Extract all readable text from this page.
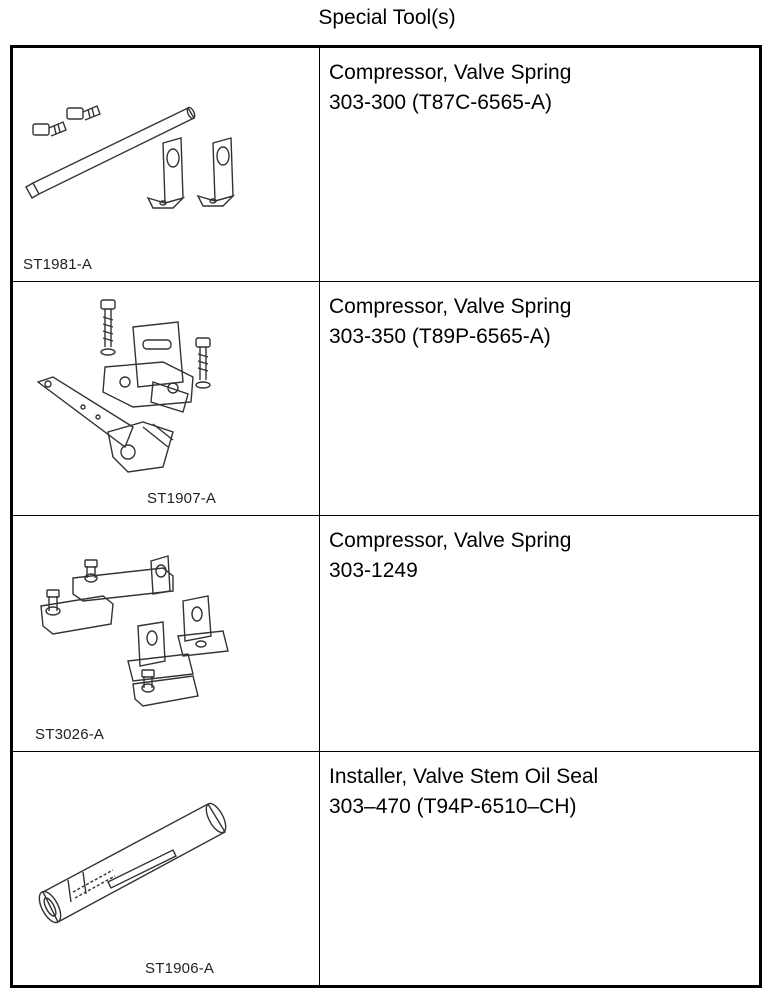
Special Tool(s)
ST1981-A
Compressor, Valve Spring
303-300 (T87C-6565-A)
ST1907-A
Compressor, Valve Spring
303-350 (T89P-6565-A)
ST3026-A
Compressor, Valve Spring
303-1249
ST1906-A
Installer, Valve Stem Oil Seal
303–470 (T94P-6510–CH)
